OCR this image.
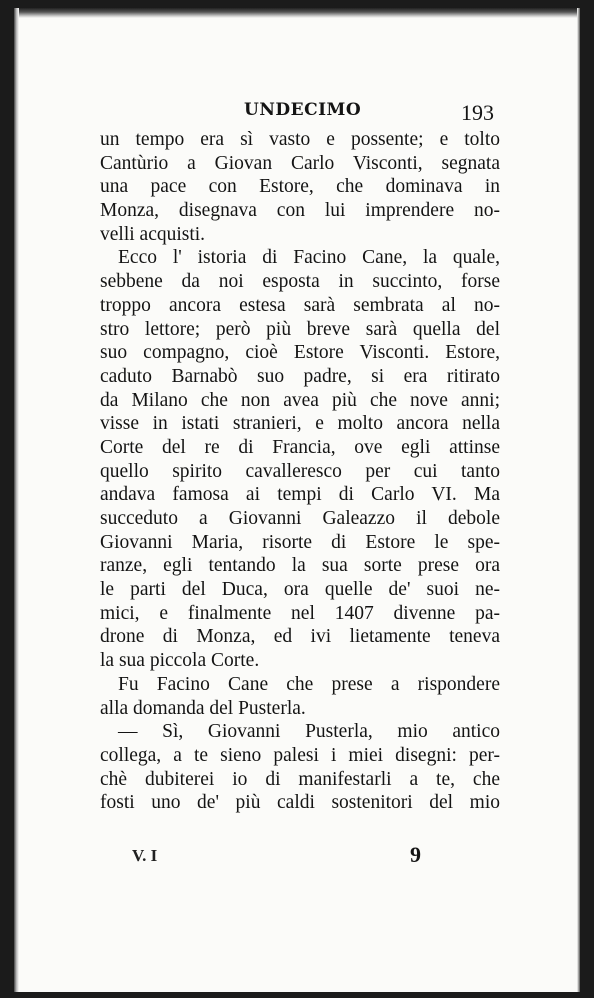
UNDECIMO	193
un tempo era sì vasto e possente; e tolto
Cantùrio a Giovan Carlo Visconti, segnata
una pace con Estore, che dominava in
Monza, disegnava con lui imprendere no-
velli acquisti.
Ecco l' istoria di Facino Cane, la quale,
sebbene da noi esposta in succinto, forse
troppo ancora estesa sarà sembrata al no-
stro lettore; però più breve sarà quella del
suo compagno, cioè Estore Visconti. Estore,
caduto Barnabò suo padre, si era ritirato
da Milano che non avea più che nove anni;
visse in istati stranieri, e molto ancora nella
Corte del re di Francia, ove egli attinse
quello spirito cavalleresco per cui tanto
andava famosa ai tempi di Carlo VI. Ma
succeduto a Giovanni Galeazzo il debole
Giovanni Maria, risorte di Estore le spe-
ranze, egli tentando la sua sorte prese ora
le parti del Duca, ora quelle de' suoi ne-
mici, e finalmente nel 1407 divenne pa-
drone di Monza, ed ivi lietamente teneva
la sua piccola Corte.
Fu Facino Cane che prese a rispondere
alla domanda del Pusterla.
— Sì, Giovanni Pusterla, mio antico
collega, a te sieno palesi i miei disegni: per-
chè dubiterei io di manifestarli a te, che
fosti uno de' più caldi sostenitori del mio
V. I	9
